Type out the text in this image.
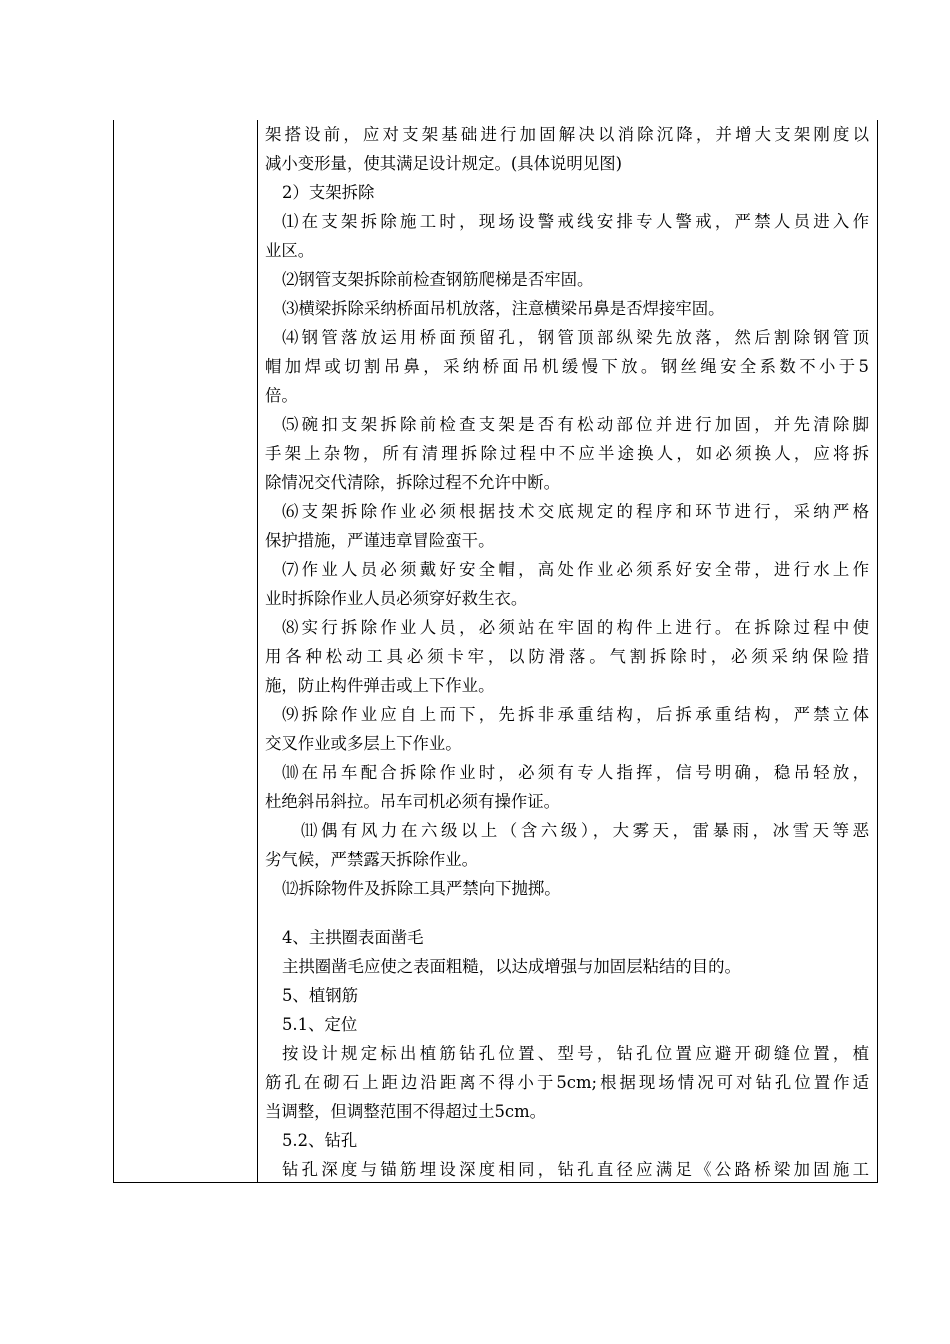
架搭设前，应对支架基础进行加固解决以消除沉降，并增大支架刚度以
减小变形量，使其满足设计规定。(具体说明见图)
2）支架拆除
⑴在支架拆除施工时，现场设警戒线安排专人警戒，严禁人员进入作
业区。
⑵钢管支架拆除前检查钢筋爬梯是否牢固。
⑶横梁拆除采纳桥面吊机放落，注意横梁吊鼻是否焊接牢固。
⑷钢管落放运用桥面预留孔，钢管顶部纵梁先放落，然后割除钢管顶
帽加焊或切割吊鼻，采纳桥面吊机缓慢下放。钢丝绳安全系数不小于5
倍。
⑸碗扣支架拆除前检查支架是否有松动部位并进行加固，并先清除脚
手架上杂物，所有清理拆除过程中不应半途换人，如必须换人，应将拆
除情况交代清除，拆除过程不允许中断。
⑹支架拆除作业必须根据技术交底规定的程序和环节进行，采纳严格
保护措施，严谨违章冒险蛮干。
⑺作业人员必须戴好安全帽，高处作业必须系好安全带，进行水上作
业时拆除作业人员必须穿好救生衣。
⑻实行拆除作业人员，必须站在牢固的构件上进行。在拆除过程中使
用各种松动工具必须卡牢，以防滑落。气割拆除时，必须采纳保险措
施，防止构件弹击或上下作业。
⑼拆除作业应自上而下，先拆非承重结构，后拆承重结构，严禁立体
交叉作业或多层上下作业。
⑽在吊车配合拆除作业时，必须有专人指挥，信号明确，稳吊轻放，
杜绝斜吊斜拉。吊车司机必须有操作证。
⑾偶有风力在六级以上（含六级），大雾天，雷暴雨，冰雪天等恶
劣气候，严禁露天拆除作业。
⑿拆除物件及拆除工具严禁向下抛掷。
4、主拱圈表面凿毛
主拱圈凿毛应使之表面粗糙，以达成增强与加固层粘结的目的。
5、植钢筋
5.1、定位
按设计规定标出植筋钻孔位置、型号，钻孔位置应避开砌缝位置，植
筋孔在砌石上距边沿距离不得小于5cm;根据现场情况可对钻孔位置作适
当调整，但调整范围不得超过土5cm。
5.2、钻孔
钻孔深度与锚筋埋设深度相同，钻孔直径应满足《公路桥梁加固施工
